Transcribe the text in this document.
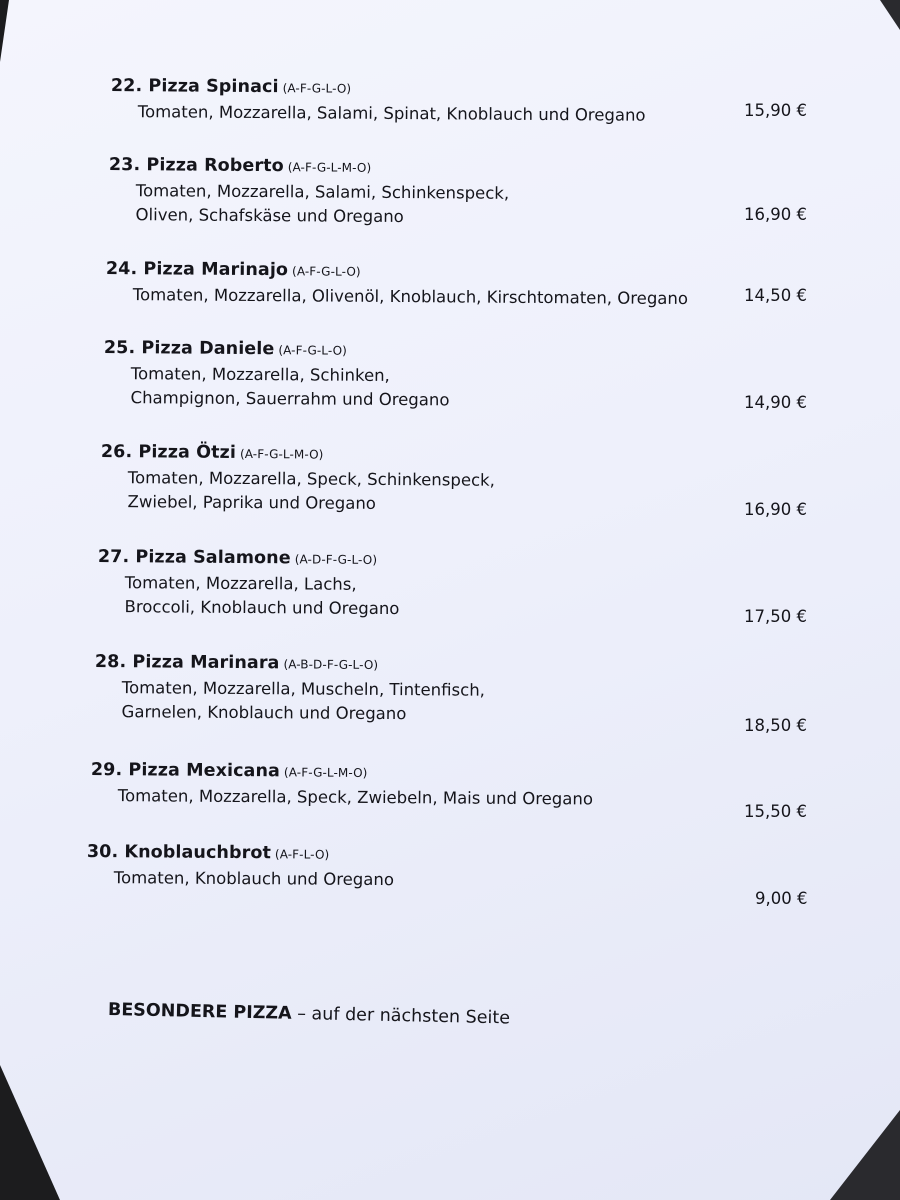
22. Pizza Spinaci (A-F-G-L-O)
Tomaten, Mozzarella, Salami, Spinat, Knoblauch und Oregano	15,90 €
23. Pizza Roberto (A-F-G-L-M-O)
Tomaten, Mozzarella, Salami, Schinkenspeck,
Oliven, Schafskäse und Oregano	16,90 €
24. Pizza Marinajo (A-F-G-L-O)
Tomaten, Mozzarella, Olivenöl, Knoblauch, Kirschtomaten, Oregano	14,50 €
25. Pizza Daniele (A-F-G-L-O)
Tomaten, Mozzarella, Schinken,
Champignon, Sauerrahm und Oregano	14,90 €
26. Pizza Ötzi (A-F-G-L-M-O)
Tomaten, Mozzarella, Speck, Schinkenspeck,
Zwiebel, Paprika und Oregano	16,90 €
27. Pizza Salamone (A-D-F-G-L-O)
Tomaten, Mozzarella, Lachs,
Broccoli, Knoblauch und Oregano	17,50 €
28. Pizza Marinara (A-B-D-F-G-L-O)
Tomaten, Mozzarella, Muscheln, Tintenfisch,
Garnelen, Knoblauch und Oregano
18,50 €
29. Pizza Mexicana (A-F-G-L-M-O)
Tomaten, Mozzarella, Speck, Zwiebeln, Mais und Oregano
15,50 €
30. Knoblauchbrot (A-F-L-O)
Tomaten, Knoblauch und Oregano
9,00 €
BESONDERE PIZZA – auf der nächsten Seite
